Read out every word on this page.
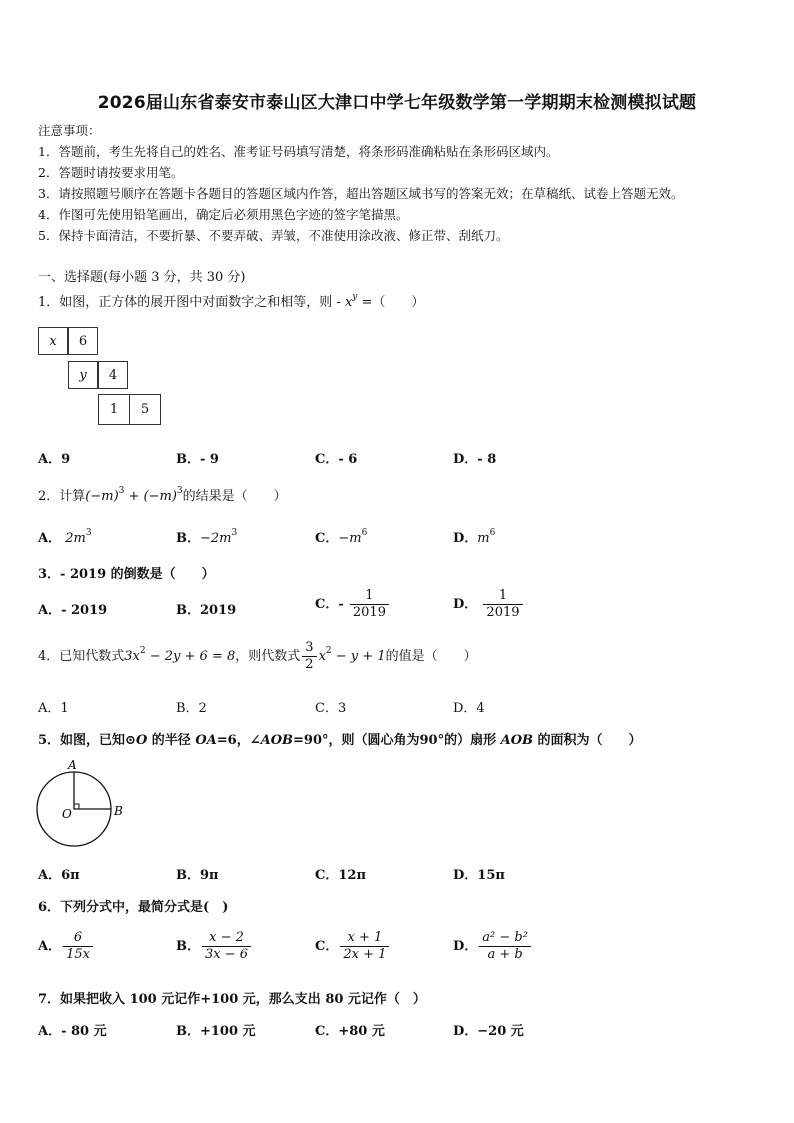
2026届山东省泰安市泰山区大津口中学七年级数学第一学期期末检测模拟试题
注意事项：
1．答题前，考生先将自己的姓名、准考证号码填写清楚，将条形码准确粘贴在条形码区域内。
2．答题时请按要求用笔。
3．请按照题号顺序在答题卡各题目的答题区域内作答，超出答题区域书写的答案无效；在草稿纸、试卷上答题无效。
4．作图可先使用铅笔画出，确定后必须用黑色字迹的签字笔描黑。
5．保持卡面清洁，不要折暴、不要弄破、弄皱，不准使用涂改液、修正带、刮纸刀。
一、选择题(每小题 3 分，共 30 分)
1．如图，正方体的展开图中对面数字之和相等，则 - $x^y$ =（　　）
x	6
y	4
1	5
A．9	B．- 9	C．- 6	D．- 8
2．计算$(-m)^3 + (-m)^3$的结果是（　　）
A． $2m^3$	B．$-2m^3$	C．$-m^6$	D．$m^6$
3．- 2019 的倒数是（　　）
A．- 2019	B．2019	C．- $\frac{1}{2019}$	D． $\frac{1}{2019}$
4．已知代数式$3x^2 - 2y + 6 = 8$，则代数式 $\frac{3}{2} x^2 - y + 1$的值是（　　）
A．1	B．2	C．3	D．4
5．如图，已知⊙O 的半径 OA=6，∠AOB=90°，则（圆心角为90°的）扇形 AOB 的面积为（　　）
A
O	B
A．6π	B．9π	C．12π	D．15π
6．下列分式中，最简分式是(　)
A． $\frac{6}{15x}$	B． $\frac{x - 2}{3x - 6}$	C． $\frac{x + 1}{2x + 1}$	D． $\frac{\text{a² − b²}}{a + b}$
7．如果把收入 100 元记作+100 元，那么支出 80 元记作（　）
A．- 80 元	B．+100 元	C．+80 元	D．−20 元
